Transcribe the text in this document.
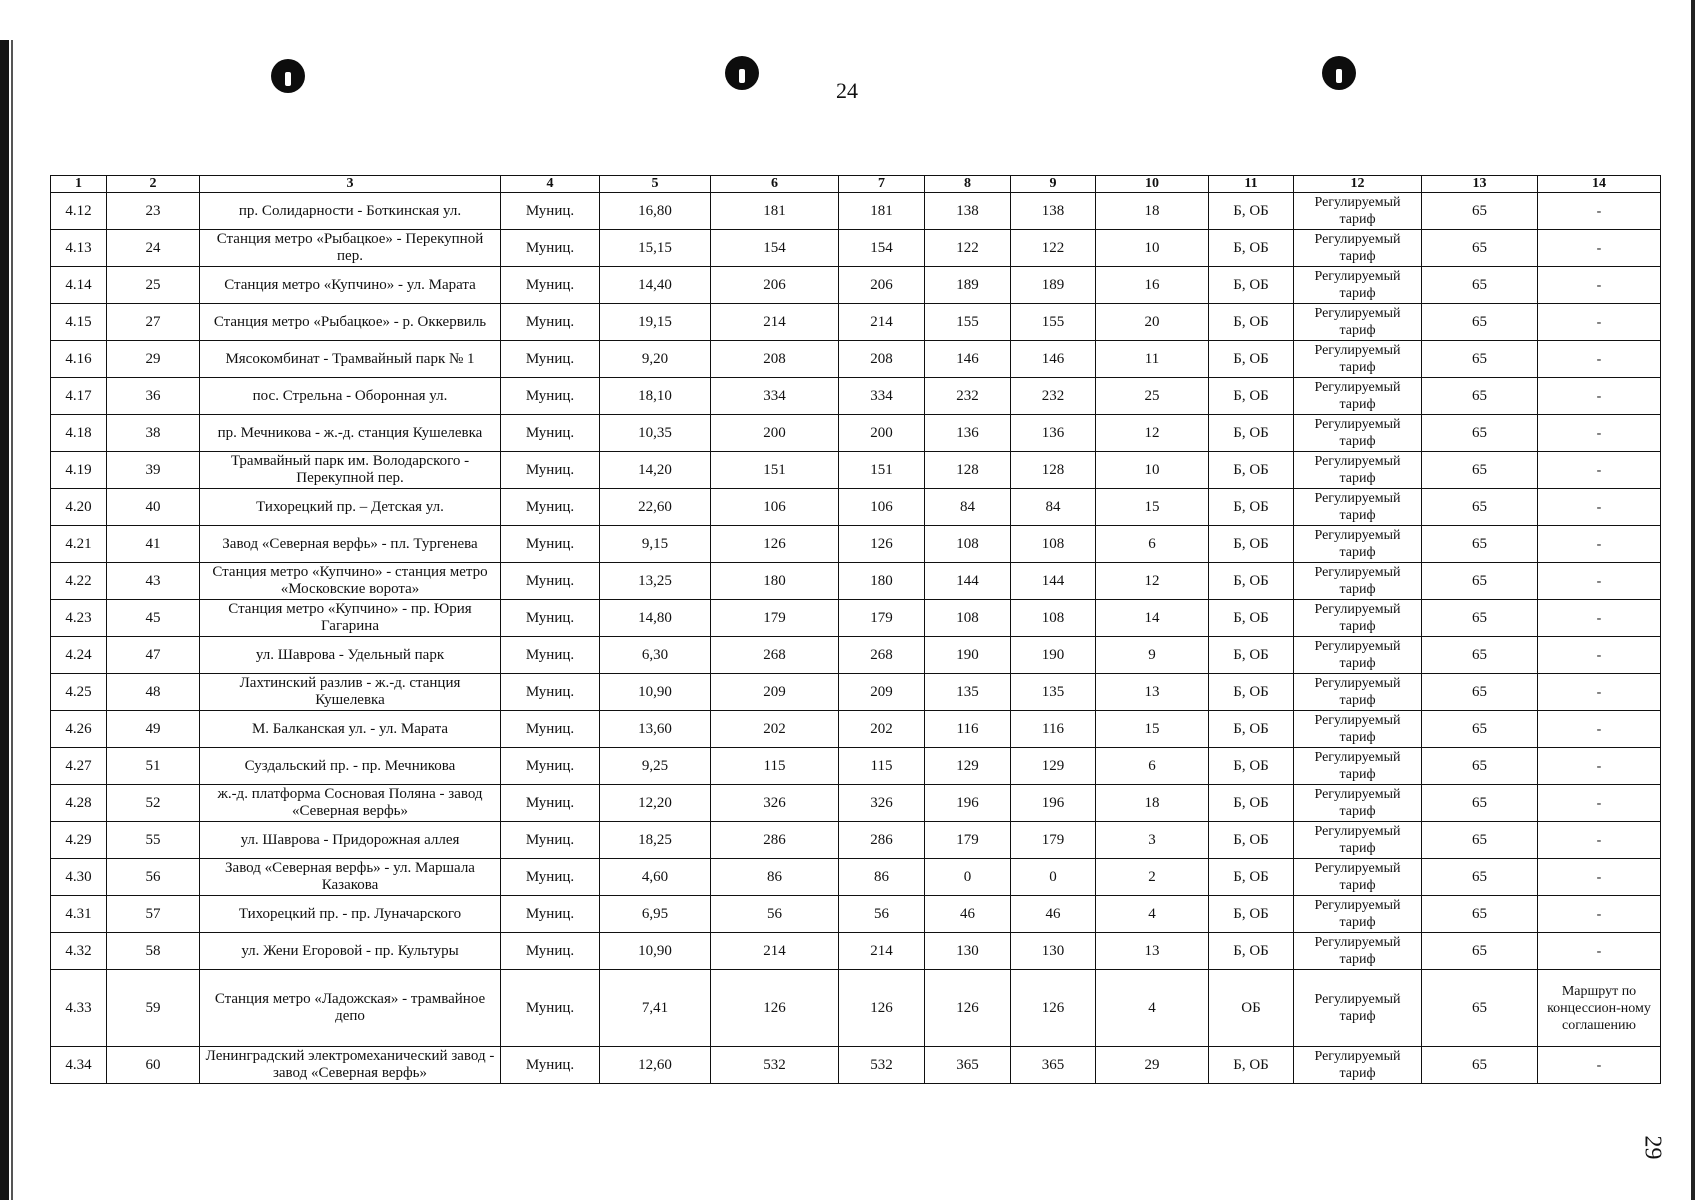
24
29
1	2	3	4	5	6	7	8	9	10	11	12	13	14
4.12	23	пр. Солидарности - Боткинская ул.	Муниц.	16,80	181	181	138	138	18	Б, ОБ	Регулируемый тариф	65	-
4.13	24	Станция метро «Рыбацкое» - Перекупной пер.	Муниц.	15,15	154	154	122	122	10	Б, ОБ	Регулируемый тариф	65	-
4.14	25	Станция метро «Купчино» - ул. Марата	Муниц.	14,40	206	206	189	189	16	Б, ОБ	Регулируемый тариф	65	-
4.15	27	Станция метро «Рыбацкое» - р. Оккервиль	Муниц.	19,15	214	214	155	155	20	Б, ОБ	Регулируемый тариф	65	-
4.16	29	Мясокомбинат - Трамвайный парк № 1	Муниц.	9,20	208	208	146	146	11	Б, ОБ	Регулируемый тариф	65	-
4.17	36	пос. Стрельна - Оборонная ул.	Муниц.	18,10	334	334	232	232	25	Б, ОБ	Регулируемый тариф	65	-
4.18	38	пр. Мечникова - ж.-д. станция Кушелевка	Муниц.	10,35	200	200	136	136	12	Б, ОБ	Регулируемый тариф	65	-
4.19	39	Трамвайный парк им. Володарского - Перекупной пер.	Муниц.	14,20	151	151	128	128	10	Б, ОБ	Регулируемый тариф	65	-
4.20	40	Тихорецкий пр. – Детская ул.	Муниц.	22,60	106	106	84	84	15	Б, ОБ	Регулируемый тариф	65	-
4.21	41	Завод «Северная верфь» - пл. Тургенева	Муниц.	9,15	126	126	108	108	6	Б, ОБ	Регулируемый тариф	65	-
4.22	43	Станция метро «Купчино» - станция метро «Московские ворота»	Муниц.	13,25	180	180	144	144	12	Б, ОБ	Регулируемый тариф	65	-
4.23	45	Станция метро «Купчино» - пр. Юрия Гагарина	Муниц.	14,80	179	179	108	108	14	Б, ОБ	Регулируемый тариф	65	-
4.24	47	ул. Шаврова - Удельный парк	Муниц.	6,30	268	268	190	190	9	Б, ОБ	Регулируемый тариф	65	-
4.25	48	Лахтинский разлив - ж.-д. станция Кушелевка	Муниц.	10,90	209	209	135	135	13	Б, ОБ	Регулируемый тариф	65	-
4.26	49	М. Балканская ул. - ул. Марата	Муниц.	13,60	202	202	116	116	15	Б, ОБ	Регулируемый тариф	65	-
4.27	51	Суздальский пр. - пр. Мечникова	Муниц.	9,25	115	115	129	129	6	Б, ОБ	Регулируемый тариф	65	-
4.28	52	ж.-д. платформа Сосновая Поляна - завод «Северная верфь»	Муниц.	12,20	326	326	196	196	18	Б, ОБ	Регулируемый тариф	65	-
4.29	55	ул. Шаврова - Придорожная аллея	Муниц.	18,25	286	286	179	179	3	Б, ОБ	Регулируемый тариф	65	-
4.30	56	Завод «Северная верфь» - ул. Маршала Казакова	Муниц.	4,60	86	86	0	0	2	Б, ОБ	Регулируемый тариф	65	-
4.31	57	Тихорецкий пр. - пр. Луначарского	Муниц.	6,95	56	56	46	46	4	Б, ОБ	Регулируемый тариф	65	-
4.32	58	ул. Жени Егоровой - пр. Культуры	Муниц.	10,90	214	214	130	130	13	Б, ОБ	Регулируемый тариф	65	-
4.33	59	Станция метро «Ладожская» - трамвайное депо	Муниц.	7,41	126	126	126	126	4	ОБ	Регулируемый тариф	65	Маршрут по концессион-ному соглашению
4.34	60	Ленинградский электромеханический завод - завод «Северная верфь»	Муниц.	12,60	532	532	365	365	29	Б, ОБ	Регулируемый тариф	65	-
